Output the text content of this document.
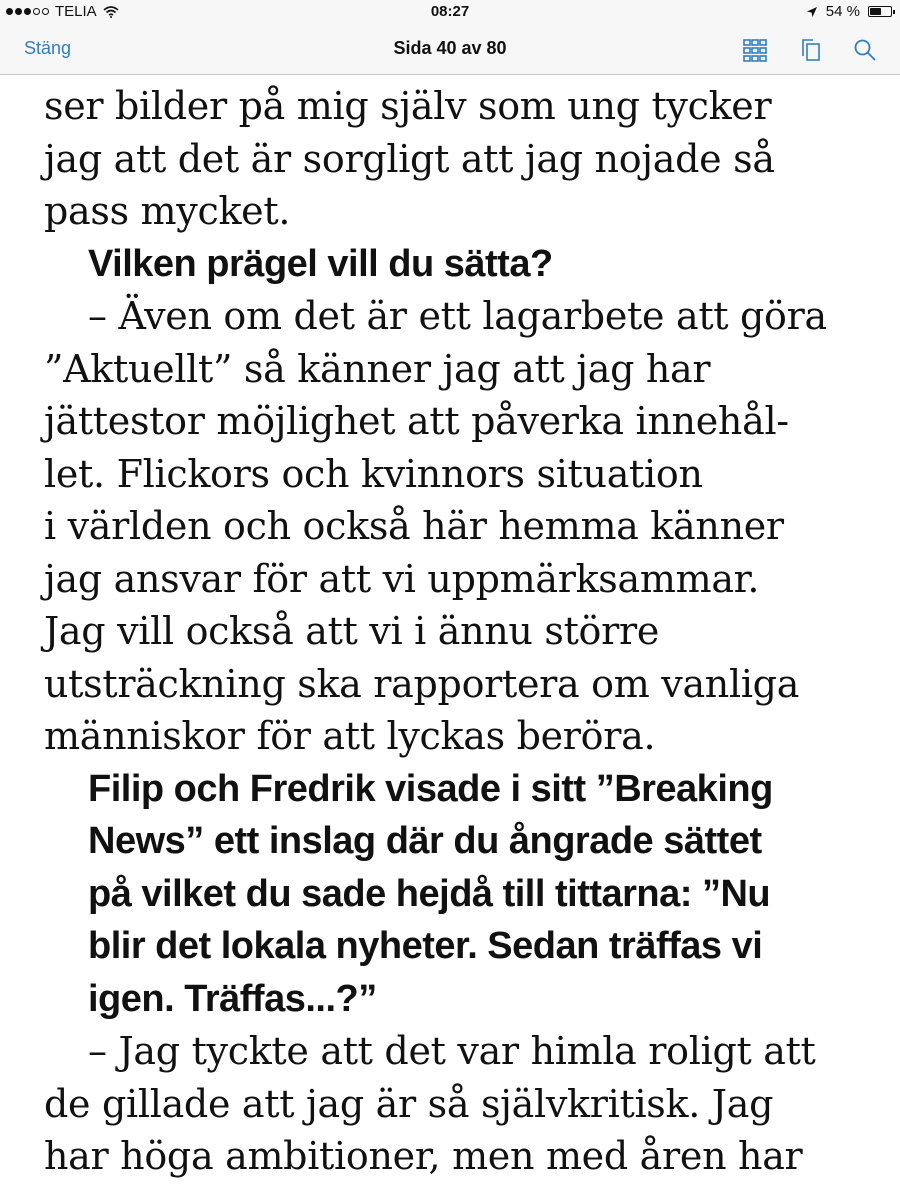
TELIA	08:27	54 %
Stäng	Sida 40 av 80

ser bilder på mig själv som ung tycker

jag att det är sorgligt att jag nojade så

pass mycket.

Vilken prägel vill du sätta?

– Även om det är ett lagarbete att göra

”Aktuellt” så känner jag att jag har

jättestor möjlighet att påverka innehål-

let. Flickors och kvinnors situation

i världen och också här hemma känner

jag ansvar för att vi uppmärksammar.

Jag vill också att vi i ännu större

utsträckning ska rapportera om vanliga

människor för att lyckas beröra.

Filip och Fredrik visade i sitt ”Breaking

News” ett inslag där du ångrade sättet

på vilket du sade hejdå till tittarna: ”Nu

blir det lokala nyheter. Sedan träffas vi

igen. Träffas...?”

– Jag tyckte att det var himla roligt att

de gillade att jag är så självkritisk. Jag

har höga ambitioner, men med åren har
